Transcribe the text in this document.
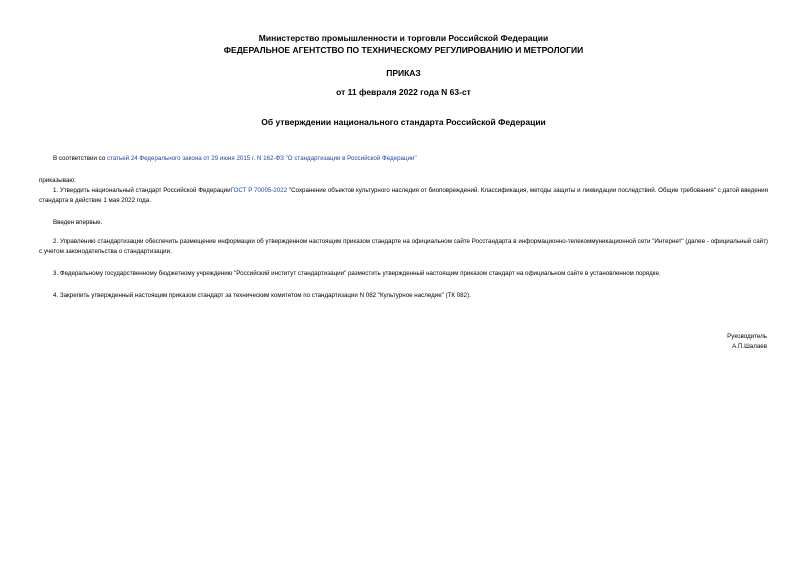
Министерство промышленности и торговли Российской Федерации
ФЕДЕРАЛЬНОЕ АГЕНТСТВО ПО ТЕХНИЧЕСКОМУ РЕГУЛИРОВАНИЮ И МЕТРОЛОГИИ
ПРИКАЗ
от 11 февраля 2022 года N 63-ст
Об утверждении национального стандарта Российской Федерации
В соответствии со статьей 24 Федерального закона от 29 июня 2015 г. N 162-ФЗ "О стандартизации в Российской Федерации"
приказываю:
1. Утвердить национальный стандарт Российской ФедерацииГОСТ Р 70005-2022 "Сохранение объектов культурного наследия от биоповреждений. Классификация, методы защиты и ликвидации последствий. Общие требования" с датой введения стандарта в действие 1 мая 2022 года.
Введен впервые.
2. Управлению стандартизации обеспечить размещение информации об утвержденном настоящим приказом стандарте на официальном сайте Росстандарта в информационно-телекоммуникационной сети "Интернет" (далее - официальный сайт) с учетом законодательства о стандартизации.
3. Федеральному государственному бюджетному учреждению "Российский институт стандартизации" разместить утвержденный настоящим приказом стандарт на официальном сайте в установленном порядке.
4. Закрепить утвержденный настоящим приказом стандарт за техническим комитетом по стандартизации N 082 "Культурное наследие" (ТК 082).
Руководитель
А.П.Шалаев
